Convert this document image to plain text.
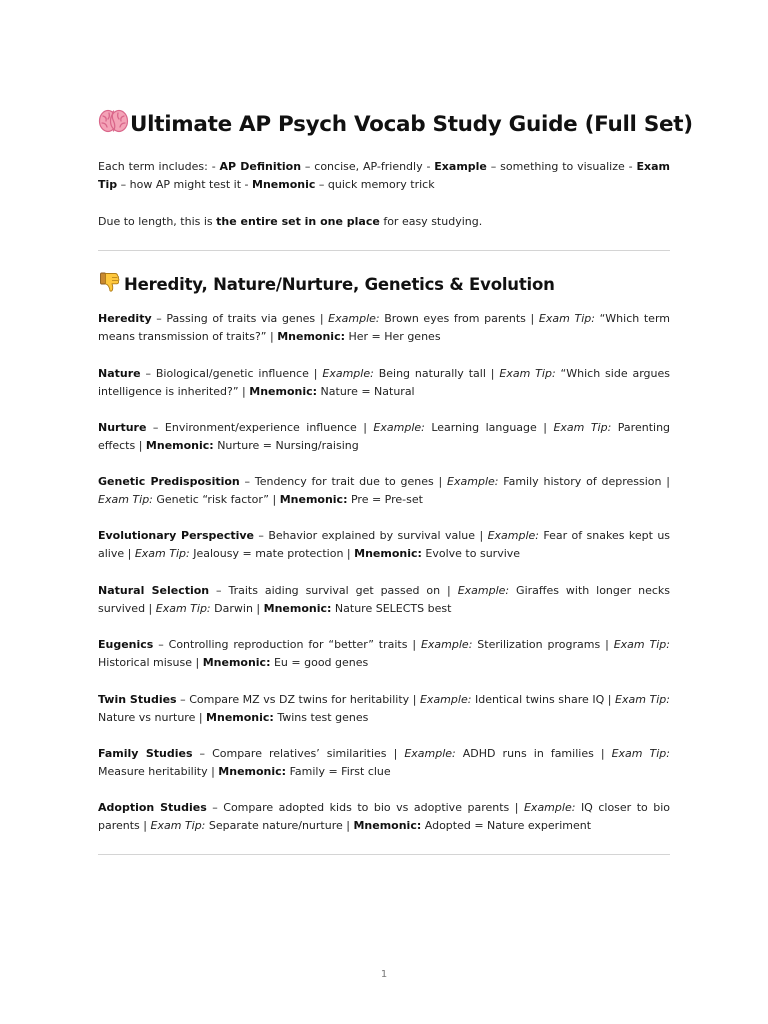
Ultimate AP Psych Vocab Study Guide (Full Set)

Each term includes: - AP Definition – concise, AP-friendly - Example – something to visualize - Exam Tip – how AP might test it - Mnemonic – quick memory trick

Due to length, this is the entire set in one place for easy studying.

Heredity, Nature/Nurture, Genetics & Evolution

Heredity – Passing of traits via genes | Example: Brown eyes from parents | Exam Tip: “Which term means transmission of traits?” | Mnemonic: Her = Her genes

Nature – Biological/genetic influence | Example: Being naturally tall | Exam Tip: “Which side argues intelligence is inherited?” | Mnemonic: Nature = Natural

Nurture – Environment/experience influence | Example: Learning language | Exam Tip: Parenting effects | Mnemonic: Nurture = Nursing/raising

Genetic Predisposition – Tendency for trait due to genes | Example: Family history of depression | Exam Tip: Genetic “risk factor” | Mnemonic: Pre = Pre-set

Evolutionary Perspective – Behavior explained by survival value | Example: Fear of snakes kept us alive | Exam Tip: Jealousy = mate protection | Mnemonic: Evolve to survive

Natural Selection – Traits aiding survival get passed on | Example: Giraffes with longer necks survived | Exam Tip: Darwin | Mnemonic: Nature SELECTS best

Eugenics – Controlling reproduction for “better” traits | Example: Sterilization programs | Exam Tip: Historical misuse | Mnemonic: Eu = good genes

Twin Studies – Compare MZ vs DZ twins for heritability | Example: Identical twins share IQ | Exam Tip: Nature vs nurture | Mnemonic: Twins test genes

Family Studies – Compare relatives’ similarities | Example: ADHD runs in families | Exam Tip: Measure heritability | Mnemonic: Family = First clue

Adoption Studies – Compare adopted kids to bio vs adoptive parents | Example: IQ closer to bio parents | Exam Tip: Separate nature/nurture | Mnemonic: Adopted = Nature experiment

1
